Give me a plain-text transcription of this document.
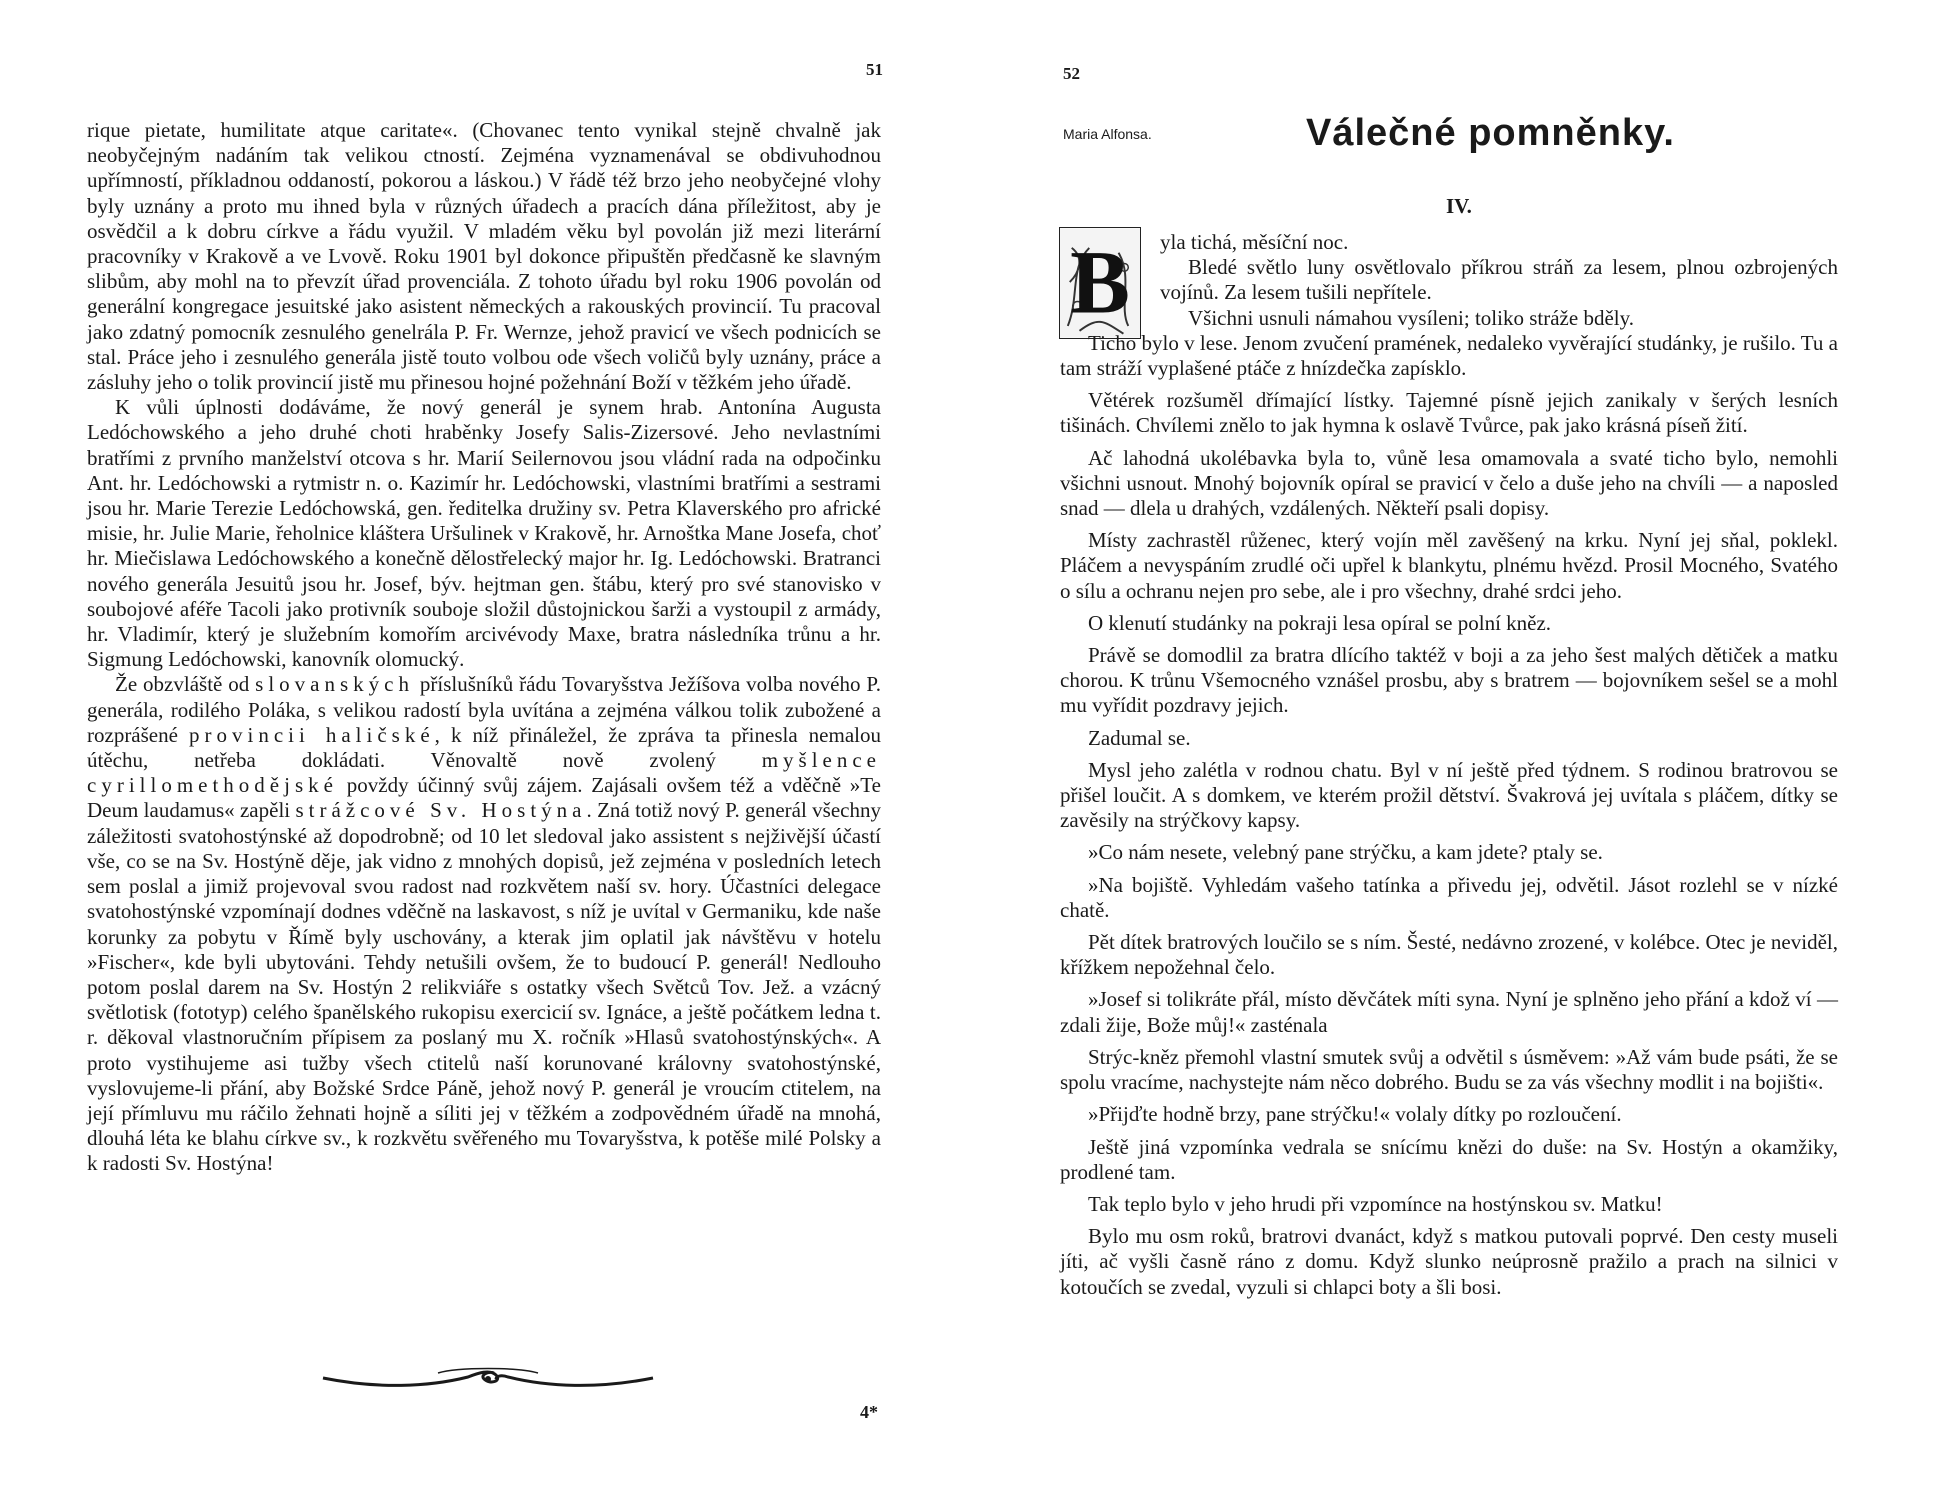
51

rique pietate, humilitate atque caritate«. (Chovanec tento vynikal stejně chvalně jak neobyčejným nadáním tak velikou ctností. Zejména vyznamenával se obdivuhodnou upřímností, příkladnou oddaností, pokorou a láskou.) V řádě též brzo jeho neobyčejné vlohy byly uznány a proto mu ihned byla v různých úřadech a pracích dána příležitost, aby je osvědčil a k dobru církve a řádu využil. V mladém věku byl povolán již mezi literární pracovníky v Krakově a ve Lvově. Roku 1901 byl dokonce připuštěn předčasně ke slavným slibům, aby mohl na to převzít úřad provenciála. Z tohoto úřadu byl roku 1906 povolán od generální kongregace jesuitské jako asistent německých a rakouských provincií. Tu pracoval jako zdatný pomocník zesnulého genelrála P. Fr. Wernze, jehož pravicí ve všech podnicích se stal. Práce jeho i zesnulého generála jistě touto volbou ode všech voličů byly uznány, práce a zásluhy jeho o tolik provincií jistě mu přinesou hojné požehnání Boží v těžkém jeho úřadě.

K vůli úplnosti dodáváme, že nový generál je synem hrab. Antonína Augusta Ledóchowského a jeho druhé choti hraběnky Josefy Salis-Zizersové. Jeho nevlastními bratřími z prvního manželství otcova s hr. Marií Seilernovou jsou vládní rada na odpočinku Ant. hr. Ledóchowski a rytmistr n. o. Kazimír hr. Ledóchowski, vlastními bratřími a sestrami jsou hr. Marie Terezie Ledóchowská, gen. ředitelka družiny sv. Petra Klaverského pro africké misie, hr. Julie Marie, řeholnice kláštera Uršulinek v Krakově, hr. Arnoštka Mane Josefa, choť hr. Miečislawa Ledóchowského a konečně dělostřelecký major hr. Ig. Ledóchowski. Bratranci nového generála Jesuitů jsou hr. Josef, býv. hejtman gen. štábu, který pro své stanovisko v soubojové aféře Tacoli jako protivník souboje složil důstojnickou šarži a vystoupil z armády, hr. Vladimír, který je služebním komořím arcivévody Maxe, bratra následníka trůnu a hr. Sigmung Ledóchowski, kanovník olomucký.

Že obzvláště od slovanských příslušníků řádu Tovaryšstva Ježíšova volba nového P. generála, rodilého Poláka, s velikou radostí byla uvítána a zejména válkou tolik zubožené a rozprášené provincii haličské, k níž přináležel, že zpráva ta přinesla nemalou útěchu, netřeba dokládati. Věnovaltě nově zvolený myšlence cyrillomethodějské povždy účinný svůj zájem. Zajásali ovšem též a vděčně »Te Deum laudamus« zapěli strážcové Sv. Hostýna. Zná totiž nový P. generál všechny záležitosti svatohostýnské až dopodrobně; od 10 let sledoval jako assistent s nejživější účastí vše, co se na Sv. Hostýně děje, jak vidno z mnohých dopisů, jež zejména v posledních letech sem poslal a jimiž projevoval svou radost nad rozkvětem naší sv. hory. Účastníci delegace svatohostýnské vzpomínají dodnes vděčně na laskavost, s níž je uvítal v Germaniku, kde naše korunky za pobytu v Římě byly uschovány, a kterak jim oplatil jak návštěvu v hotelu »Fischer«, kde byli ubytováni. Tehdy netušili ovšem, že to budoucí P. generál! Nedlouho potom poslal darem na Sv. Hostýn 2 relikviáře s ostatky všech Světců Tov. Jež. a vzácný světlotisk (fototyp) celého španělského rukopisu exercicií sv. Ignáce, a ještě počátkem ledna t. r. děkoval vlastnoručním přípisem za poslaný mu X. ročník »Hlasů svatohostýnských«. A proto vystihujeme asi tužby všech ctitelů naší korunované královny svatohostýnské, vyslovujeme-li přání, aby Božské Srdce Páně, jehož nový P. generál je vroucím ctitelem, na její přímluvu mu ráčilo žehnati hojně a síliti jej v těžkém a zodpovědném úřadě na mnohá, dlouhá léta ke blahu církve sv., k rozkvětu svěřeného mu Tovaryšstva, k potěše milé Polsky a k radosti Sv. Hostýna!

4*
52
Maria Alfonsa.	Válečné pomněnky.
IV.
B	yla tichá, měsíční noc.

Bledé světlo luny osvětlovalo příkrou stráň za lesem, plnou ozbrojených vojínů. Za lesem tušili nepřítele.

Všichni usnuli námahou vysíleni; toliko stráže bděly.

Ticho bylo v lese. Jenom zvučení pramének, nedaleko vyvěrající studánky, je rušilo. Tu a tam stráží vyplašené ptáče z hnízdečka zapísklo.

Větérek rozšuměl dřímající lístky. Tajemné písně jejich zanikaly v šerých lesních tišinách. Chvílemi znělo to jak hymna k oslavě Tvůrce, pak jako krásná píseň žití.

Ač lahodná ukolébavka byla to, vůně lesa omamovala a svaté ticho bylo, nemohli všichni usnout. Mnohý bojovník opíral se pravicí v čelo a duše jeho na chvíli — a naposled snad — dlela u drahých, vzdálených. Někteří psali dopisy.

Místy zachrastěl růženec, který vojín měl zavěšený na krku. Nyní jej sňal, poklekl. Pláčem a nevyspáním zrudlé oči upřel k blankytu, plnému hvězd. Prosil Mocného, Svatého o sílu a ochranu nejen pro sebe, ale i pro všechny, drahé srdci jeho.

O klenutí studánky na pokraji lesa opíral se polní kněz.

Právě se domodlil za bratra dlícího taktéž v boji a za jeho šest malých dětiček a matku chorou. K trůnu Všemocného vznášel prosbu, aby s bratrem — bojovníkem sešel se a mohl mu vyřídit pozdravy jejich.

Zadumal se.

Mysl jeho zalétla v rodnou chatu. Byl v ní ještě před týdnem. S rodinou bratrovou se přišel loučit. A s domkem, ve kterém prožil dětství. Švakrová jej uvítala s pláčem, dítky se zavěsily na strýčkovy kapsy.

»Co nám nesete, velebný pane strýčku, a kam jdete? ptaly se.

»Na bojiště. Vyhledám vašeho tatínka a přivedu jej, odvětil. Jásot rozlehl se v nízké chatě.

Pět dítek bratrových loučilo se s ním. Šesté, nedávno zrozené, v kolébce. Otec je neviděl, křížkem nepožehnal čelo.

»Josef si tolikráte přál, místo děvčátek míti syna. Nyní je splněno jeho přání a kdož ví — zdali žije, Bože můj!« zasténala

Strýc-kněz přemohl vlastní smutek svůj a odvětil s úsměvem: »Až vám bude psáti, že se spolu vracíme, nachystejte nám něco dobrého. Budu se za vás všechny modlit i na bojišti«.

»Přijďte hodně brzy, pane strýčku!« volaly dítky po rozloučení.

Ještě jiná vzpomínka vedrala se snícímu knězi do duše: na Sv. Hostýn a okamžiky, prodlené tam.

Tak teplo bylo v jeho hrudi při vzpomínce na hostýnskou sv. Matku!

Bylo mu osm roků, bratrovi dvanáct, když s matkou putovali poprvé. Den cesty museli jíti, ač vyšli časně ráno z domu. Když slunko neúprosně pražilo a prach na silnici v kotoučích se zvedal, vyzuli si chlapci boty a šli bosi.
